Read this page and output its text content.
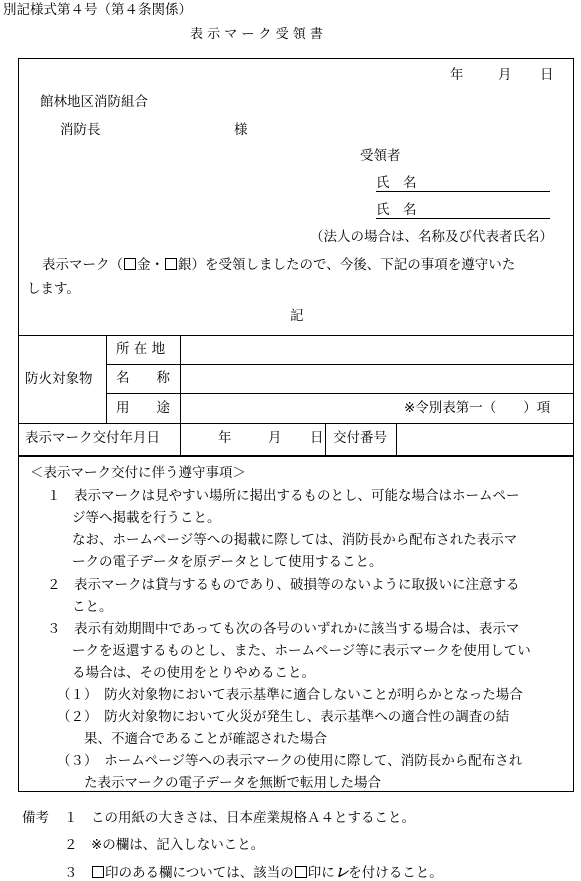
別記様式第４号（第４条関係）
表 示 マ ー ク 受 領 書
年	月 日
館林地区消防組合
消防長	様
受領者
氏　名
氏　名
（法人の場合は、名称及び代表者氏名）
表示マーク（ 金・ 銀）を受領しましたので、今後、下記の事項を遵守いた
します。
記
防火対象物
所 在 地
名　　称
用　　途	※令別表第一（　　）項
表示マーク交付年月日	年	月 日 交付番号
＜表示マーク交付に伴う遵守事項＞
１　表示マークは見やすい場所に掲出するものとし、可能な場合はホームペー
ジ等へ掲載を行うこと。
なお、ホームページ等への掲載に際しては、消防長から配布された表示マ
ークの電子データを原データとして使用すること。
２　表示マークは貸与するものであり、破損等のないように取扱いに注意する
こと。
３　表示有効期間中であっても次の各号のいずれかに該当する場合は、表示マ
ークを返還するものとし、また、ホームページ等に表示マークを使用してい
る場合は、その使用をとりやめること。
（１）　防火対象物において表示基準に適合しないことが明らかとなった場合
（２）　防火対象物において火災が発生し、表示基準への適合性の調査の結
果、不適合であることが確認された場合
（３）　ホームページ等への表示マークの使用に際して、消防長から配布され
た表示マークの電子データを無断で転用した場合
備考 １　この用紙の大きさは、日本産業規格Ａ４とすること。
２　※の欄は、記入しないこと。
３　印のある欄については、該当の 印にレを付けること。
